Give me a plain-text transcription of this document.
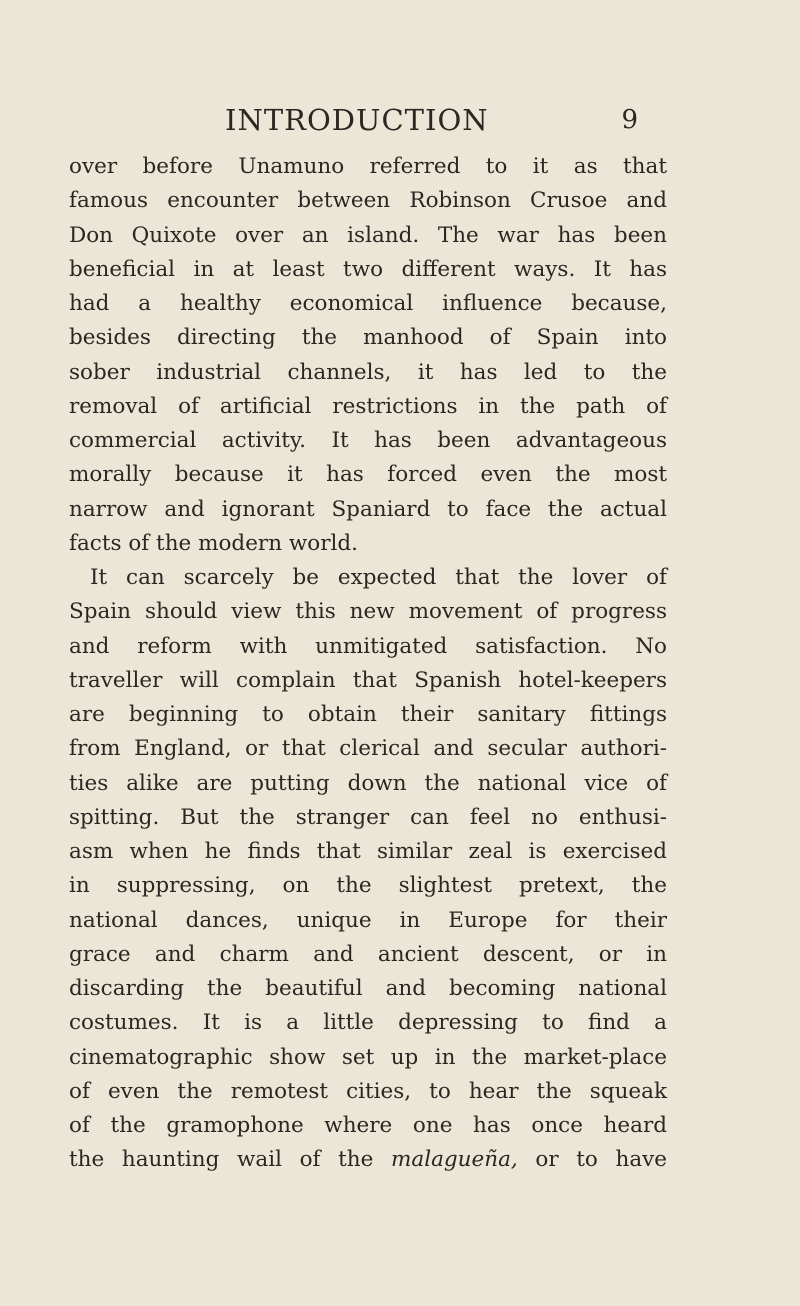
INTRODUCTION	9
over before Unamuno referred to it as that
famous encounter between Robinson Crusoe and
Don Quixote over an island. The war has been
beneficial in at least two different ways. It has
had a healthy economical influence because,
besides directing the manhood of Spain into
sober industrial channels, it has led to the
removal of artificial restrictions in the path of
commercial activity. It has been advantageous
morally because it has forced even the most
narrow and ignorant Spaniard to face the actual
facts of the modern world.
It can scarcely be expected that the lover of
Spain should view this new movement of progress
and reform with unmitigated satisfaction. No
traveller will complain that Spanish hotel-keepers
are beginning to obtain their sanitary fittings
from England, or that clerical and secular authori-
ties alike are putting down the national vice of
spitting. But the stranger can feel no enthusi-
asm when he finds that similar zeal is exercised
in suppressing, on the slightest pretext, the
national dances, unique in Europe for their
grace and charm and ancient descent, or in
discarding the beautiful and becoming national
costumes. It is a little depressing to find a
cinematographic show set up in the market-place
of even the remotest cities, to hear the squeak
of the gramophone where one has once heard
the haunting wail of the malagueña, or to have
